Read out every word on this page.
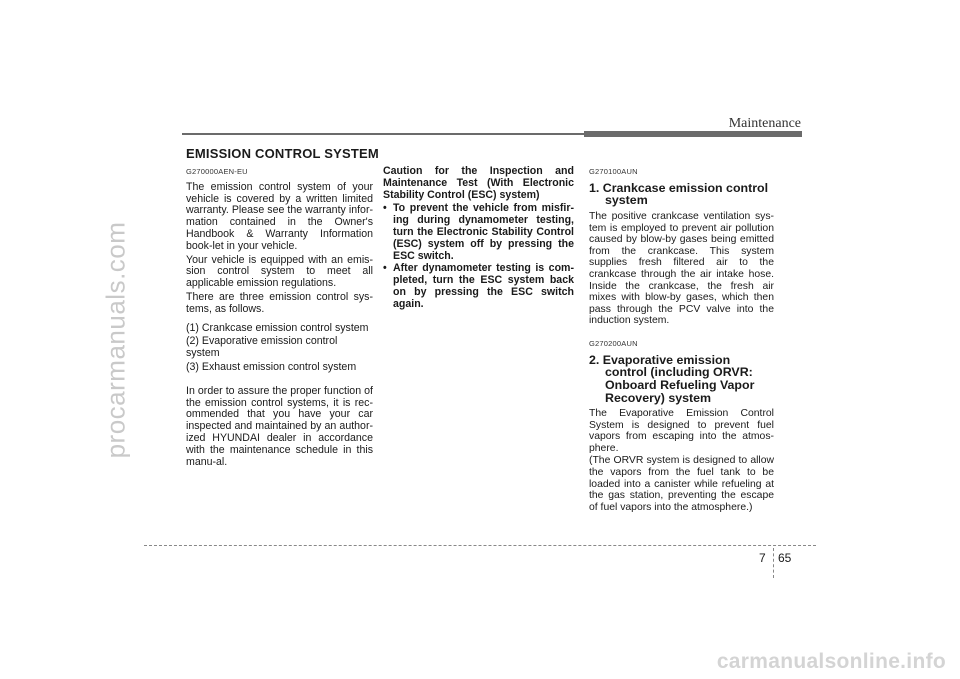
procarmanuals.com
Maintenance
EMISSION CONTROL SYSTEM
G270000AEN-EU

The emission control system of your vehicle is covered by a written limited warranty. Please see the warranty infor-mation contained in the Owner's Handbook & Warranty Information book-let in your vehicle.

Your vehicle is equipped with an emis-sion control system to meet all applicable emission regulations.

There are three emission control sys-tems, as follows.

(1) Crankcase emission control system
(2) Evaporative emission control system
(3) Exhaust emission control system

In order to assure the proper function of the emission control systems, it is rec-ommended that you have your car inspected and maintained by an author-ized HYUNDAI dealer in accordance with the maintenance schedule in this manu-al.

Caution for the Inspection and Maintenance Test (With Electronic Stability Control (ESC) system)

• To prevent the vehicle from misfir-ing during dynamometer testing, turn the Electronic Stability Control (ESC) system off by pressing the ESC switch.
• After dynamometer testing is com-pleted, turn the ESC system back on by pressing the ESC switch again.
G270100AUN
1. Crankcase emission control system

The positive crankcase ventilation sys-tem is employed to prevent air pollution caused by blow-by gases being emitted from the crankcase. This system supplies fresh filtered air to the crankcase through the air intake hose. Inside the crankcase, the fresh air mixes with blow-by gases, which then pass through the PCV valve into the induction system.

G270200AUN
2. Evaporative emission control (including ORVR: Onboard Refueling Vapor Recovery) system

The Evaporative Emission Control System is designed to prevent fuel vapors from escaping into the atmos-phere.

(The ORVR system is designed to allow the vapors from the fuel tank to be loaded into a canister while refueling at the gas station, preventing the escape of fuel vapors into the atmosphere.)

7 65
carmanualsonline.info
